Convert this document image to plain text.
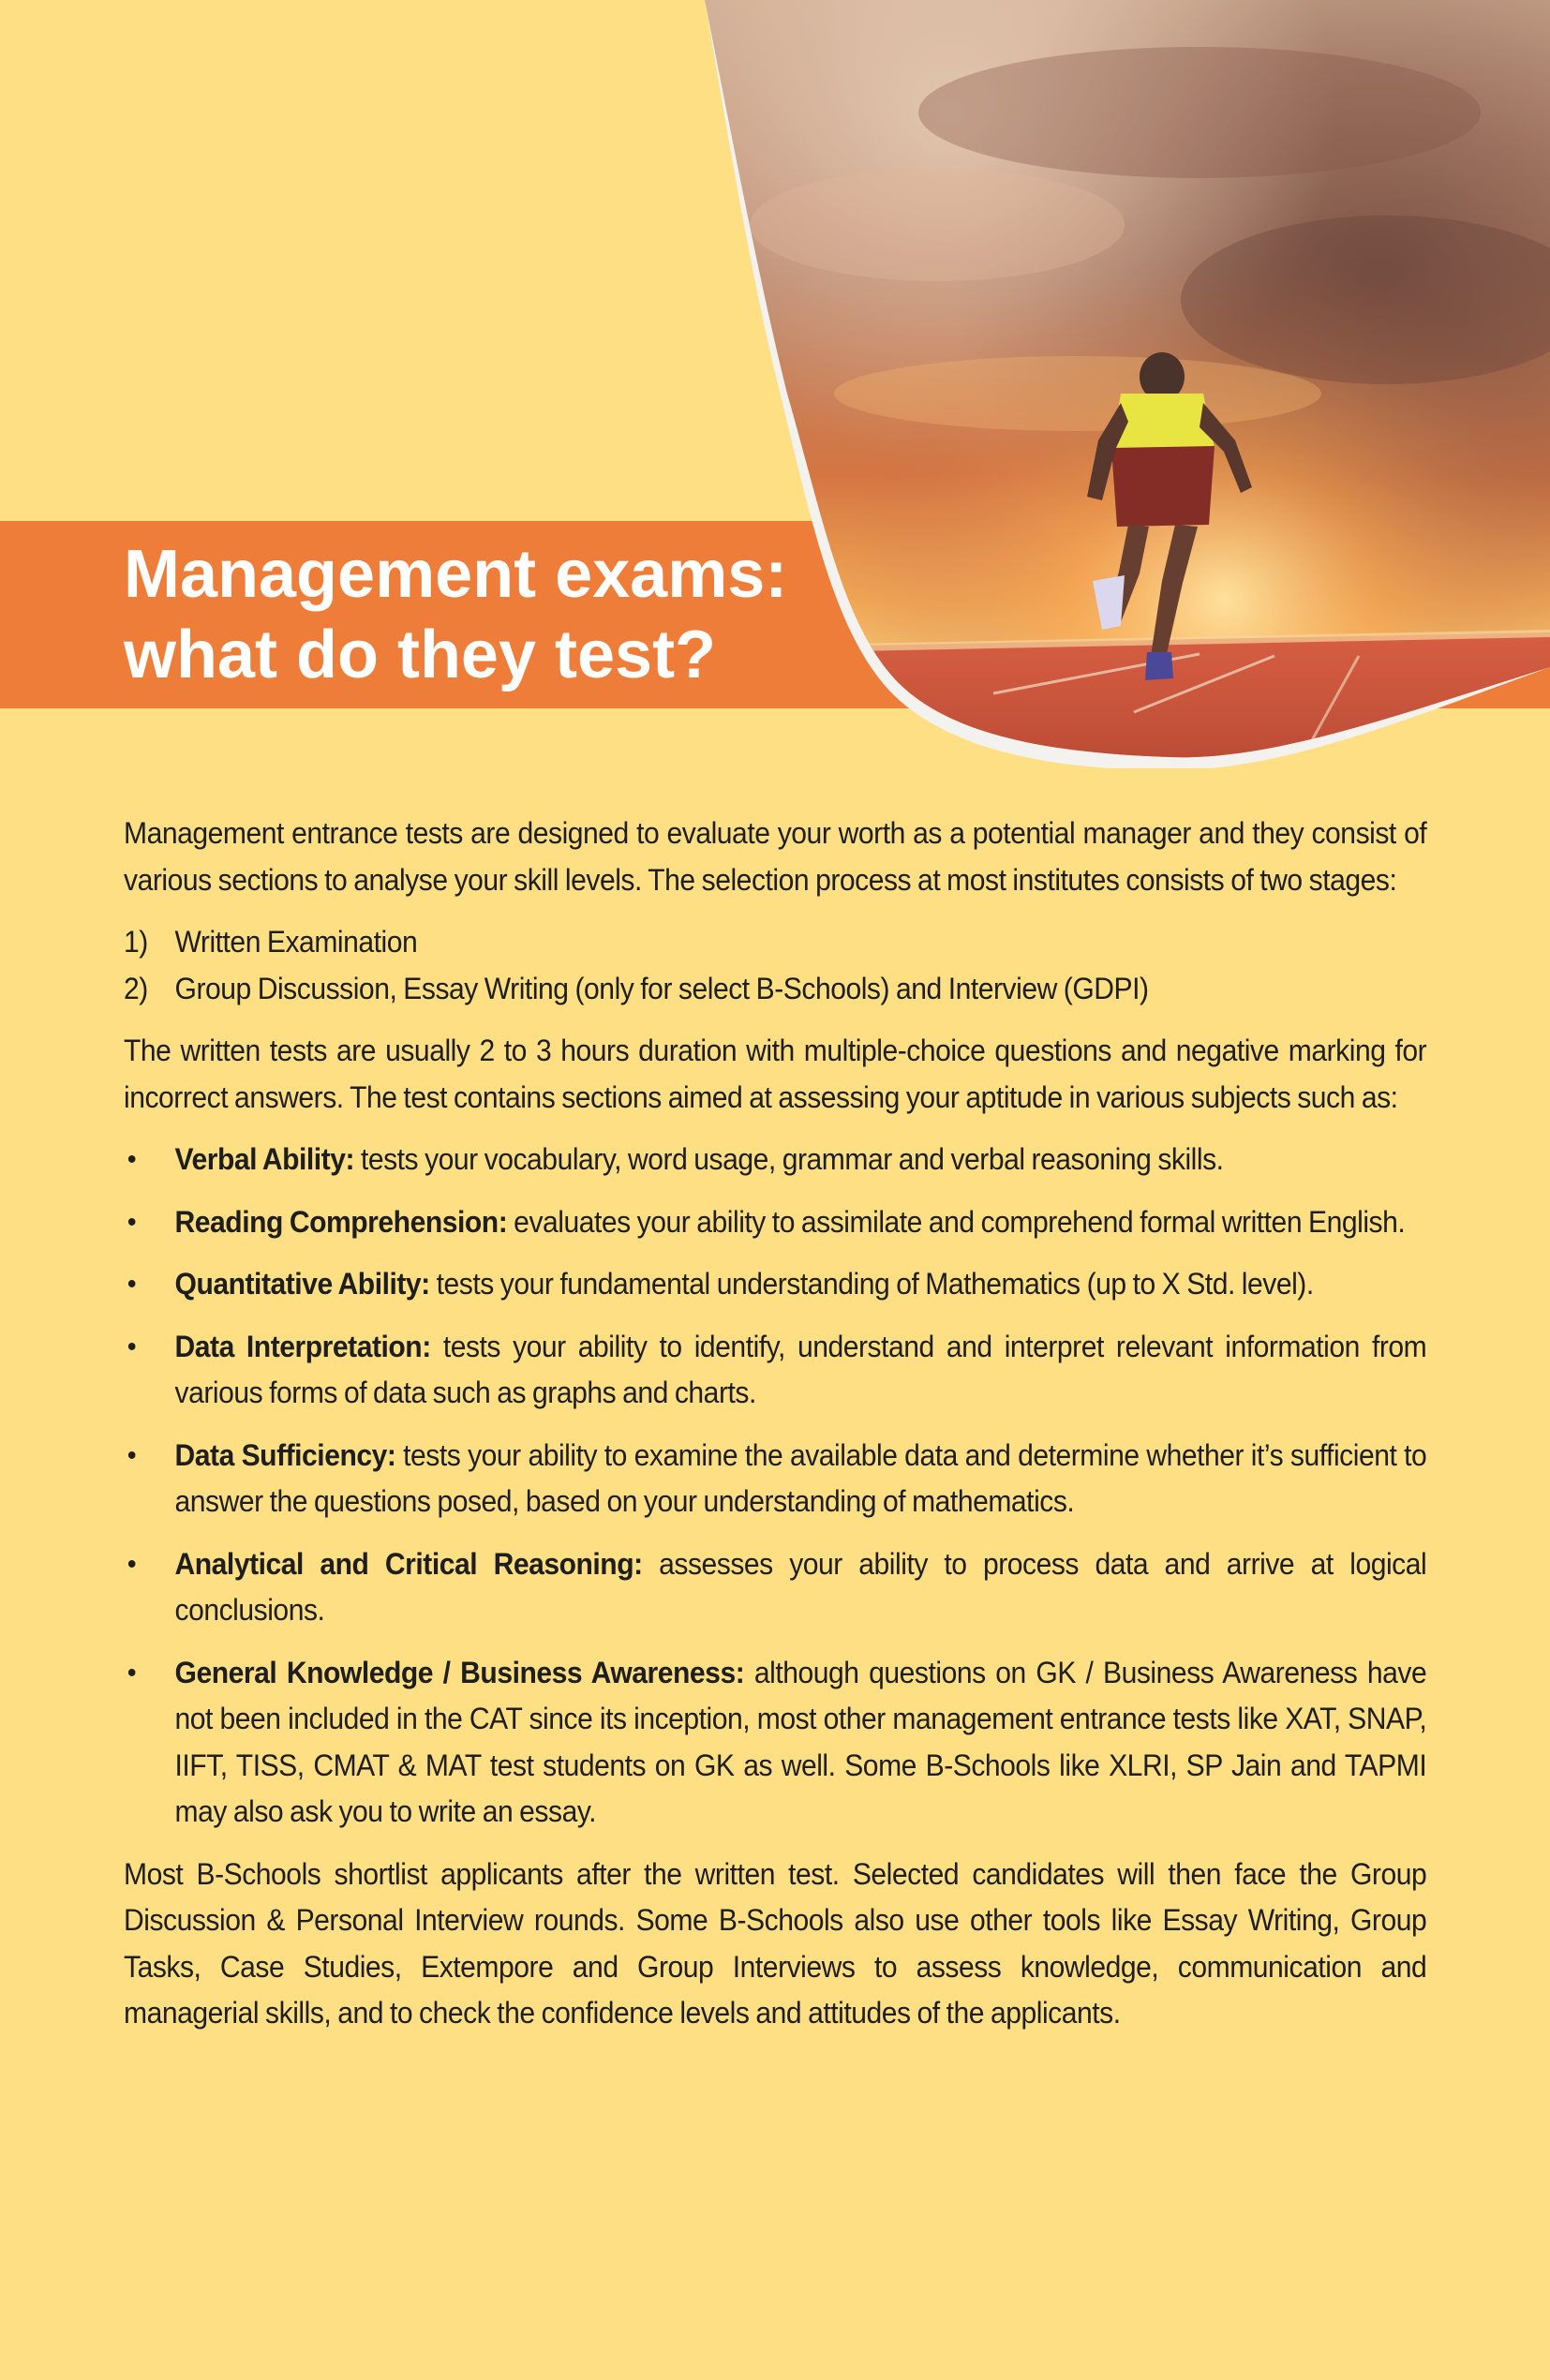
Management exams:
what do they test?

Management entrance tests are designed to evaluate your worth as a potential manager and they consist of various sections to analyse your skill levels. The selection process at most institutes consists of two stages:

1) Written Examination
2) Group Discussion, Essay Writing (only for select B-Schools) and Interview (GDPI)

The written tests are usually 2 to 3 hours duration with multiple-choice questions and negative marking for incorrect answers. The test contains sections aimed at assessing your aptitude in various subjects such as:

• Verbal Ability: tests your vocabulary, word usage, grammar and verbal reasoning skills.
• Reading Comprehension: evaluates your ability to assimilate and comprehend formal written English.
• Quantitative Ability: tests your fundamental understanding of Mathematics (up to X Std. level).
• Data Interpretation: tests your ability to identify, understand and interpret relevant information from various forms of data such as graphs and charts.
• Data Sufficiency: tests your ability to examine the available data and determine whether it’s sufficient to answer the questions posed, based on your understanding of mathematics.
• Analytical and Critical Reasoning: assesses your ability to process data and arrive at logical conclusions.
• General Knowledge / Business Awareness: although questions on GK / Business Awareness have not been included in the CAT since its inception, most other management entrance tests like XAT, SNAP, IIFT, TISS, CMAT & MAT test students on GK as well. Some B-Schools like XLRI, SP Jain and TAPMI may also ask you to write an essay.

Most B-Schools shortlist applicants after the written test. Selected candidates will then face the Group Discussion & Personal Interview rounds. Some B-Schools also use other tools like Essay Writing, Group Tasks, Case Studies, Extempore and Group Interviews to assess knowledge, communication and managerial skills, and to check the confidence levels and attitudes of the applicants.
